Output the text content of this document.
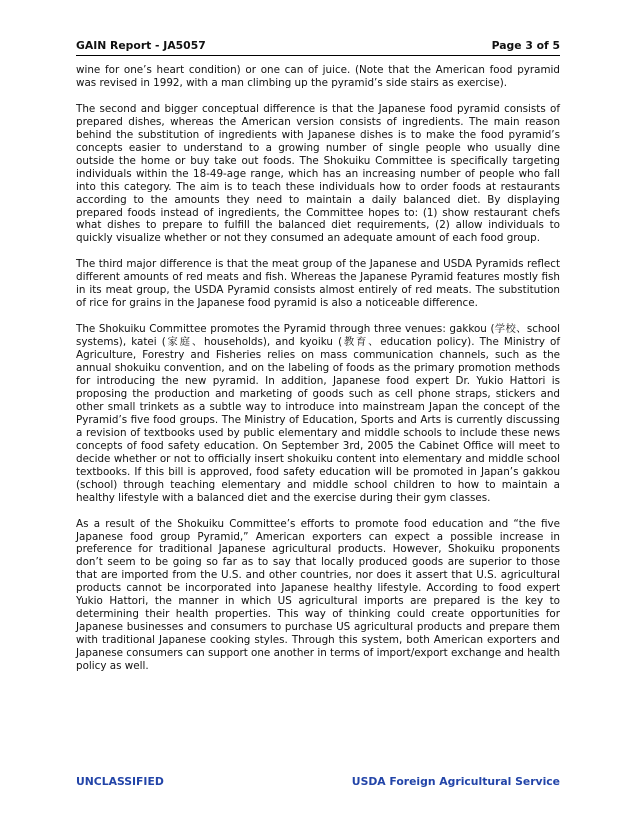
GAIN Report - JA5057	Page 3 of 5

wine for one’s heart condition) or one can of juice. (Note that the American food pyramid was revised in 1992, with a man climbing up the pyramid’s side stairs as exercise).

The second and bigger conceptual difference is that the Japanese food pyramid consists of prepared dishes, whereas the American version consists of ingredients. The main reason behind the substitution of ingredients with Japanese dishes is to make the food pyramid’s concepts easier to understand to a growing number of single people who usually dine outside the home or buy take out foods. The Shokuiku Committee is specifically targeting individuals within the 18-49-age range, which has an increasing number of people who fall into this category. The aim is to teach these individuals how to order foods at restaurants according to the amounts they need to maintain a daily balanced diet. By displaying prepared foods instead of ingredients, the Committee hopes to: (1) show restaurant chefs what dishes to prepare to fulfill the balanced diet requirements, (2) allow individuals to quickly visualize whether or not they consumed an adequate amount of each food group.

The third major difference is that the meat group of the Japanese and USDA Pyramids reflect different amounts of red meats and fish. Whereas the Japanese Pyramid features mostly fish in its meat group, the USDA Pyramid consists almost entirely of red meats. The substitution of rice for grains in the Japanese food pyramid is also a noticeable difference.

The Shokuiku Committee promotes the Pyramid through three venues: gakkou (学校、school systems), katei (家庭、households), and kyoiku (教育、education policy). The Ministry of Agriculture, Forestry and Fisheries relies on mass communication channels, such as the annual shokuiku convention, and on the labeling of foods as the primary promotion methods for introducing the new pyramid. In addition, Japanese food expert Dr. Yukio Hattori is proposing the production and marketing of goods such as cell phone straps, stickers and other small trinkets as a subtle way to introduce into mainstream Japan the concept of the Pyramid’s five food groups. The Ministry of Education, Sports and Arts is currently discussing a revision of textbooks used by public elementary and middle schools to include these news concepts of food safety education. On September 3rd, 2005 the Cabinet Office will meet to decide whether or not to officially insert shokuiku content into elementary and middle school textbooks. If this bill is approved, food safety education will be promoted in Japan’s gakkou (school) through teaching elementary and middle school children to how to maintain a healthy lifestyle with a balanced diet and the exercise during their gym classes.

As a result of the Shokuiku Committee’s efforts to promote food education and “the five Japanese food group Pyramid,” American exporters can expect a possible increase in preference for traditional Japanese agricultural products. However, Shokuiku proponents don’t seem to be going so far as to say that locally produced goods are superior to those that are imported from the U.S. and other countries, nor does it assert that U.S. agricultural products cannot be incorporated into Japanese healthy lifestyle. According to food expert Yukio Hattori, the manner in which US agricultural imports are prepared is the key to determining their health properties. This way of thinking could create opportunities for Japanese businesses and consumers to purchase US agricultural products and prepare them with traditional Japanese cooking styles. Through this system, both American exporters and Japanese consumers can support one another in terms of import/export exchange and health policy as well.

UNCLASSIFIED	USDA Foreign Agricultural Service
